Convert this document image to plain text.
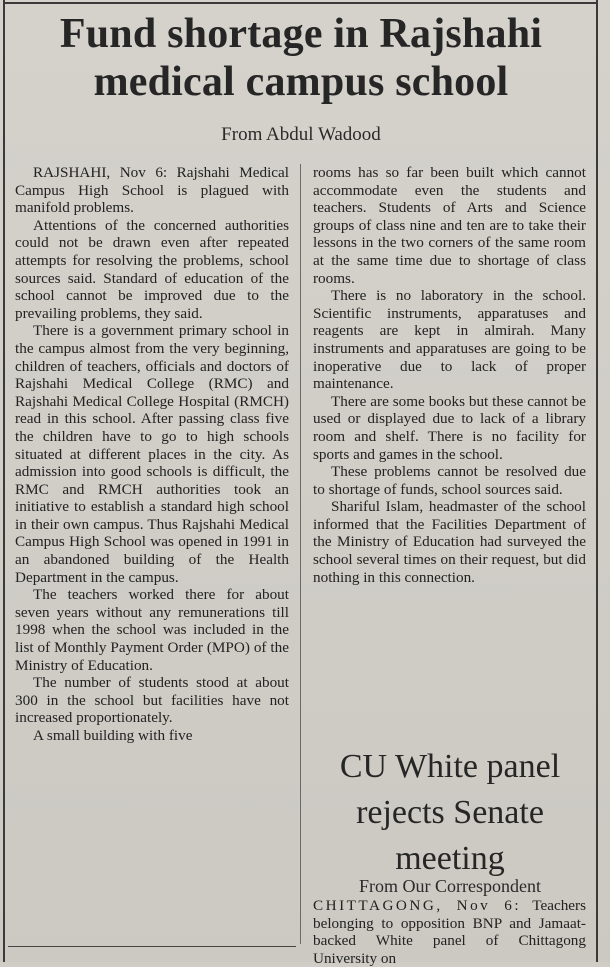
Fund shortage in Rajshahi medical campus school
From Abdul Wadood

RAJSHAHI, Nov 6: Rajshahi Medical Campus High School is plagued with manifold problems.

Attentions of the concerned authorities could not be drawn even after repeated attempts for resolving the problems, school sources said. Standard of education of the school cannot be improved due to the prevailing problems, they said.

There is a government primary school in the campus almost from the very beginning, children of teachers, officials and doctors of Rajshahi Medical College (RMC) and Rajshahi Medical College Hospital (RMCH) read in this school. After passing class five the children have to go to high schools situated at different places in the city. As admission into good schools is difficult, the RMC and RMCH authorities took an initiative to establish a standard high school in their own campus. Thus Rajshahi Medical Campus High School was opened in 1991 in an abandoned building of the Health Department in the campus.

The teachers worked there for about seven years without any remunerations till 1998 when the school was included in the list of Monthly Payment Order (MPO) of the Ministry of Education.

The number of students stood at about 300 in the school but facilities have not increased proportionately.

A small building with five

rooms has so far been built which cannot accommodate even the students and teachers. Students of Arts and Science groups of class nine and ten are to take their lessons in the two corners of the same room at the same time due to shortage of class rooms.

There is no laboratory in the school. Scientific instruments, apparatuses and reagents are kept in almirah. Many instruments and apparatuses are going to be inoperative due to lack of proper maintenance.

There are some books but these cannot be used or displayed due to lack of a library room and shelf. There is no facility for sports and games in the school.

These problems cannot be resolved due to shortage of funds, school sources said.

Shariful Islam, headmaster of the school informed that the Facilities Department of the Ministry of Education had surveyed the school several times on their request, but did nothing in this connection.

CU White panel rejects Senate meeting
From Our Correspondent

CHITTAGONG, Nov 6: Teachers belonging to opposition BNP and Jamaat-backed White panel of Chittagong University on
